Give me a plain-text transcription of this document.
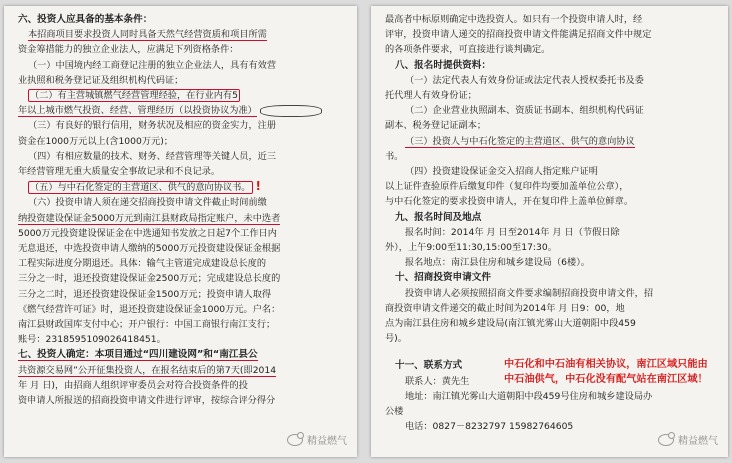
六、投资人应具备的基本条件：
本招商项目要求投资人同时具备天然气经营资质和项目所需
资金筹措能力的独立企业法人，应满足下列资格条件：
（一）中国境内经工商登记注册的独立企业法人，具有有效营
业执照和税务登记证及组织机构代码证；
（二）有主营城镇燃气经营管理经验，在行业内有5
年以上城市燃气投资、经营、管理经历（以投资协议为准）
（三）有良好的银行信用，财务状况及相应的资金实力，注册
资金在1000万元以上(含1000万元)；
（四）有相应数量的技术、财务、经营管理等关键人员，近三
年经营管理无重大质量安全事故记录和不良记录。
（五）与中石化签定的主营道区、供气的意向协议书。 !
（六）投资申请人须在递交招商投资申请文件截止时间前缴
纳投资建设保证金5000万元到南江县财政局指定账户，未中选者
5000万元投资建设保证金在中选通知书发放之日起7个工作日内
无息退还，中选投资申请人缴纳的5000万元投资建设保证金根据
工程实际进度分期退还。具体：输气主管道完成建设总长度的
三分之一时，退还投资建设保证金2500万元；完成建设总长度的
三分之二时，退还投资建设保证金1500万元；投资申请人取得
《燃气经营许可证》时，退还投资建设保证金1000万元。户名：
南江县财政国库支付中心；开户银行：中国工商银行南江支行；
账号：2318595109026418451。
七、投资人确定：本项目通过“四川建设网”和“南江县公
共资源交易网”公开征集投资人，在报名结束后的第7天(即2014
年 月 日)，由招商人组织评审委员会对符合投资条件的投
资申请人所报送的招商投资申请文件进行评审，按综合评分得分
精益燃气
最高者中标原则确定中选投资人。如只有一个投资申请人时，经
评审，投资申请人递交的招商投资申请文件能满足招商文件中规定
的各项条件要求，可直接进行谈判确定。
八、报名时提供资料：
（一）法定代表人有效身份证或法定代表人授权委托书及委
托代理人有效身份证；
（二）企业营业执照副本、资质证书副本、组织机构代码证
副本、税务登记证副本；
（三）投资人与中石化签定的主营道区、供气的意向协议
书。
（四）投资建设保证金交入招商人指定账户证明
以上证件查验原件后缴复印件（复印件均要加盖单位公章），
与中石化签定的要求投资申请人，开在复印件上盖单位鲜章。
九、报名时间及地点
报名时间：2014年 月 日至2014年 月 日（节假日除
外），上午9:00至11:30,15:00至17:30。
报名地点：南江县住房和城乡建设局（6楼）。
十、招商投资申请文件
投资申请人必须按照招商文件要求编制招商投资申请文件，招
商投资申请文件递交的截止时间为2014年 月 日9：00，地
点为南江县住房和城乡建设局(南江镇光雾山大道朝阳中段459
号)。
十一、联系方式
联系人：黄先生
地址：南江镇光雾山大道朝阳中段459号住房和城乡建设局办
公楼
电话：0827－8232797 15982764605
中石化和中石油有相关协议，南江区域只能由
中石油供气，中石化没有配气站在南江区域！
精益燃气
